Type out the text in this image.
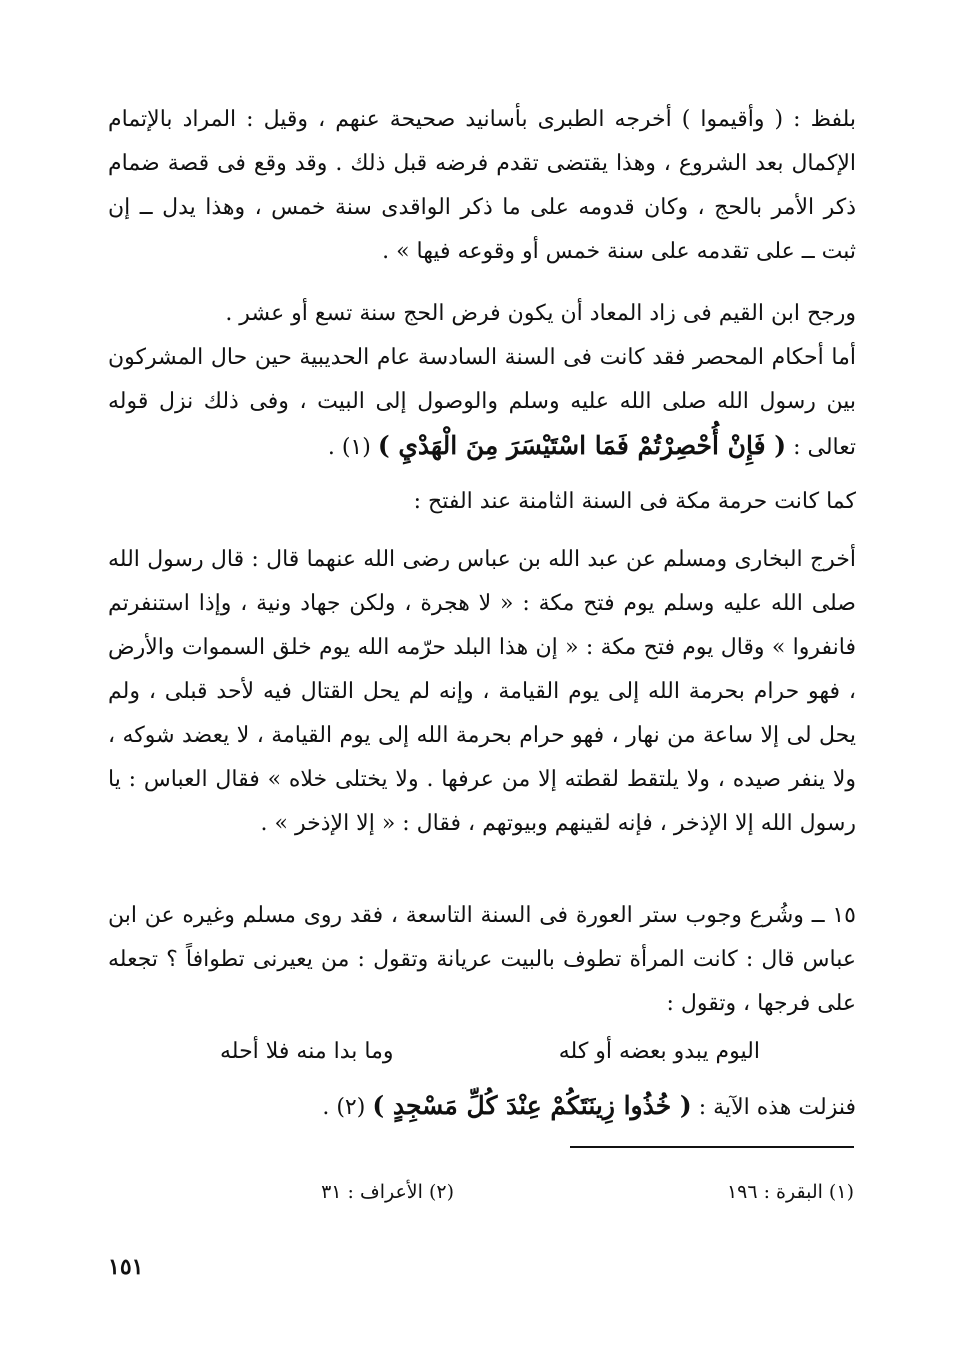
بلفظ : ( وأقيموا ) أخرجه الطبرى بأسانيد صحيحة عنهم ، وقيل : المراد بالإتمام الإكمال بعد الشروع ، وهذا يقتضى تقدم فرضه قبل ذلك . وقد وقع فى قصة ضمام ذكر الأمر بالحج ، وكان قدومه على ما ذكر الواقدى سنة خمس ، وهذا يدل ــ إن ثبت ــ على تقدمه على سنة خمس أو وقوعه فيها » .

ورجح ابن القيم فى زاد المعاد أن يكون فرض الحج سنة تسع أو عشر .

أما أحكام المحصر فقد كانت فى السنة السادسة عام الحديبية حين حال المشركون بين رسول الله صلى الله عليه وسلم والوصول إلى البيت ، وفى ذلك نزل قوله تعالى : ( فَإِنْ أُحْصِرْتُمْ فَمَا اسْتَيْسَرَ مِنَ الْهَدْيِ ) (١) .

كما كانت حرمة مكة فى السنة الثامنة عند الفتح :

أخرج البخارى ومسلم عن عبد الله بن عباس رضى الله عنهما قال : قال رسول الله صلى الله عليه وسلم يوم فتح مكة : « لا هجرة ، ولكن جهاد ونية ، وإذا استنفرتم فانفروا » وقال يوم فتح مكة : « إن هذا البلد حرّمه الله يوم خلق السموات والأرض ، فهو حرام بحرمة الله إلى يوم القيامة ، وإنه لم يحل القتال فيه لأحد قبلى ، ولم يحل لى إلا ساعة من نهار ، فهو حرام بحرمة الله إلى يوم القيامة ، لا يعضد شوكه ، ولا ينفر صيده ، ولا يلتقط لقطته إلا من عرفها . ولا يختلى خلاه » فقال العباس : يا رسول الله إلا الإذخر ، فإنه لقينهم وبيوتهم ، فقال : « إلا الإذخر » .

١٥ ــ وشُرع وجوب ستر العورة فى السنة التاسعة ، فقد روى مسلم وغيره عن ابن عباس قال : كانت المرأة تطوف بالبيت عريانة وتقول : من يعيرنى تطوافاً ؟ تجعله على فرجها ، وتقول :

اليوم يبدو بعضه أو كله
وما بدا منه فلا أحله

فنزلت هذه الآية : ( خُذُوا زِينَتَكُمْ عِنْدَ كُلِّ مَسْجِدٍ ) (٢) .

(١) البقرة : ١٩٦
(٢) الأعراف : ٣١
١٥١
